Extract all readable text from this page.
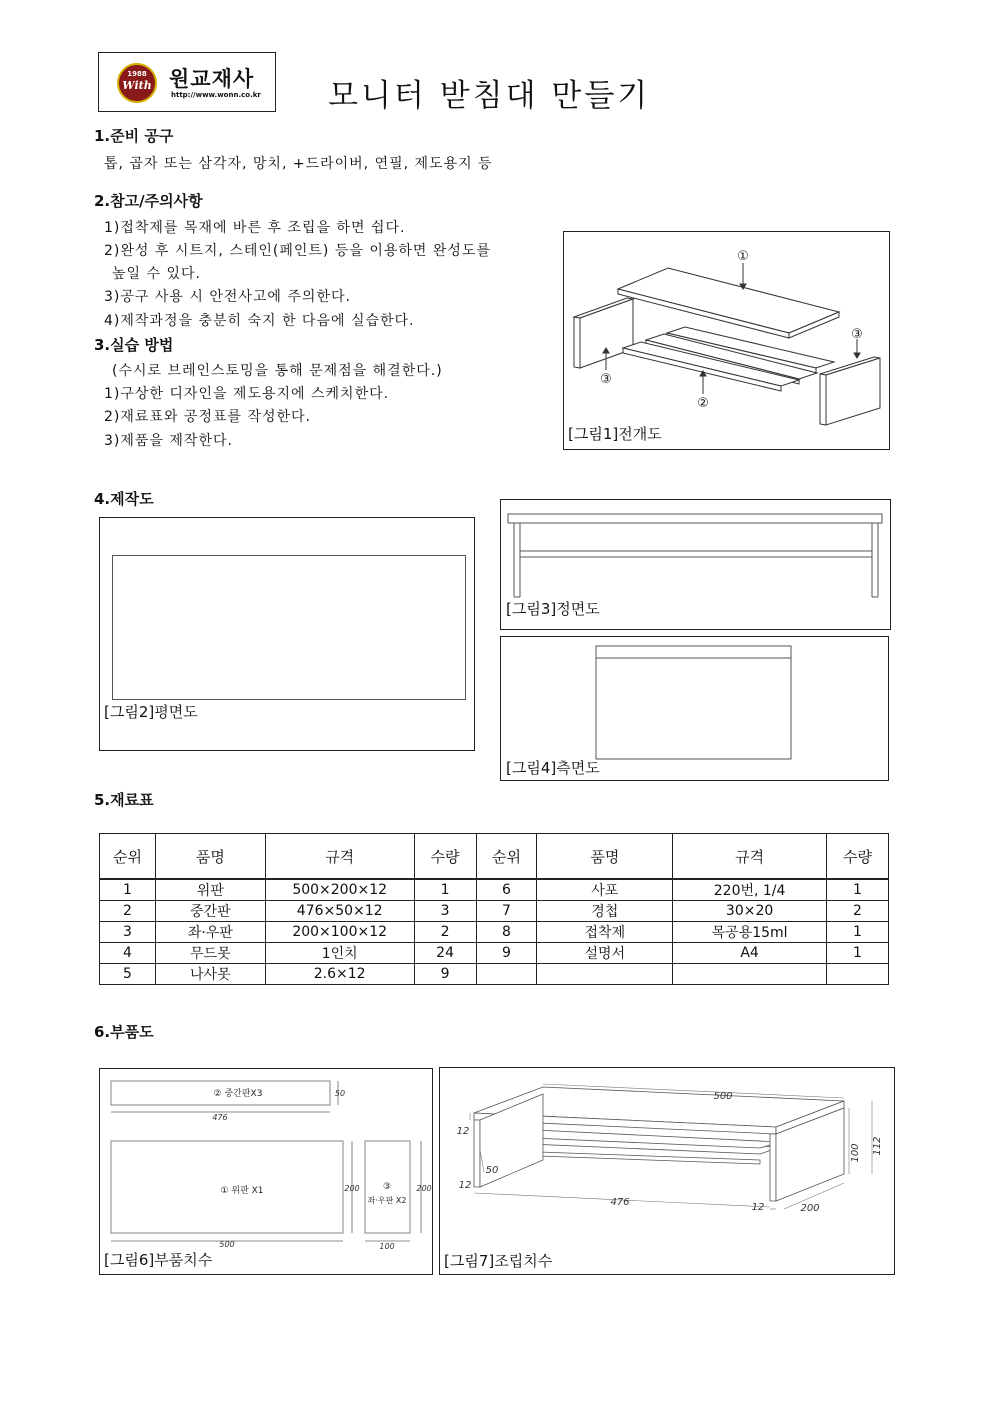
1988
With 원교재사
http://www.wonn.co.kr 모니터 받침대 만들기
1.준비 공구
톱, 곱자 또는 삼각자, 망치, +드라이버, 연필, 제도용지 등
2.참고/주의사항
1)접착제를 목재에 바른 후 조립을 하면 쉽다.
2)완성 후 시트지, 스테인(페인트) 등을 이용하면 완성도를
높일 수 있다.
3)공구 사용 시 안전사고에 주의한다.
4)제작과정을 충분히 숙지 한 다음에 실습한다.
3.실습 방법
(수시로 브레인스토밍을 통해 문제점을 해결한다.)
1)구상한 디자인을 제도용지에 스케치한다.
2)재료표와 공정표를 작성한다.
3)제품을 제작한다.
①
②
③
③
[그림1]전개도
4.제작도
[그림2]평면도
[그림3]정면도
[그림4]측면도
5.재료표
순위	품명	규격	수량	순위	품명	규격	수량
1	위판	500×200×12	1	6	사포	220번, 1/4	1
2	중간판	476×50×12	3	7	경첩	30×20	2
3	좌·우판	200×100×12	2	8	접착제	목공용15ml	1
4	무드못	1인치	24	9	설명서	A4	1
5	나사못	2.6×12	9				
6.부품도
476
50
500
200
100
200
② 중간판X3
① 위판 X1	③
좌·우판 X2
[그림6]부품치수
500
476
12
12
12
50
200
100 112
[그림7]조립치수
